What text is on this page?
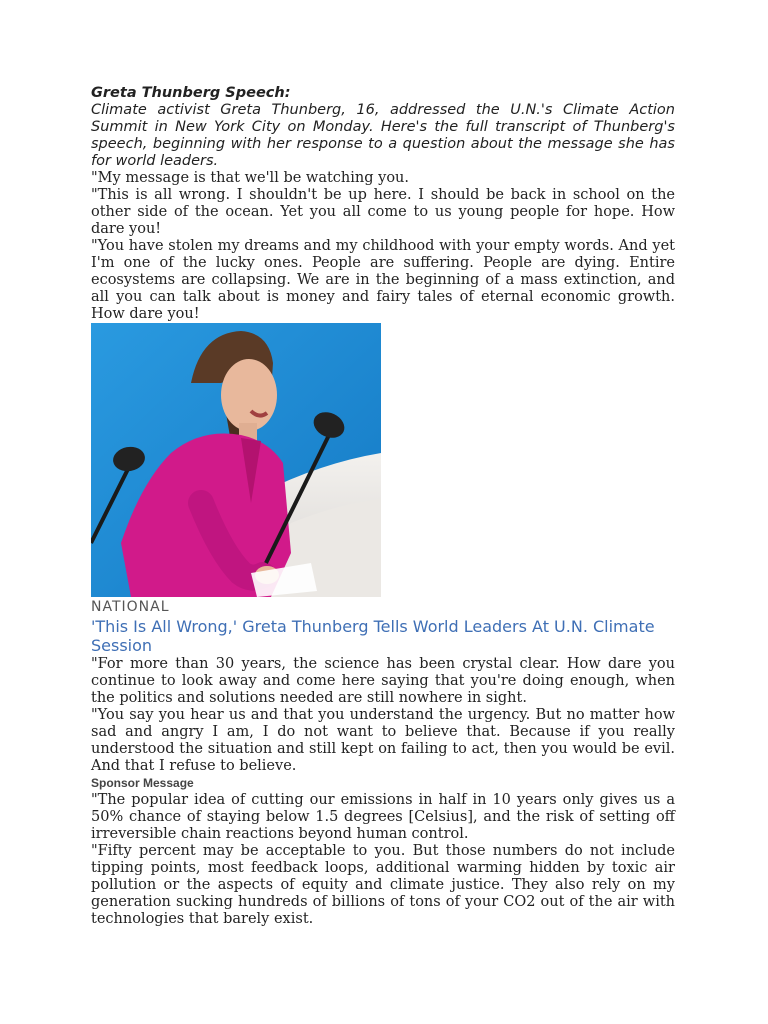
Greta Thunberg Speech:

Climate activist Greta Thunberg, 16, addressed the U.N.'s Climate Action Summit in New York City on Monday. Here's the full transcript of Thunberg's speech, beginning with her response to a question about the message she has for world leaders.

"My message is that we'll be watching you.

"This is all wrong. I shouldn't be up here. I should be back in school on the other side of the ocean. Yet you all come to us young people for hope. How dare you!

"You have stolen my dreams and my childhood with your empty words. And yet I'm one of the lucky ones. People are suffering. People are dying. Entire ecosystems are collapsing. We are in the beginning of a mass extinction, and all you can talk about is money and fairy tales of eternal economic growth. How dare you!

NATIONAL

'This Is All Wrong,' Greta Thunberg Tells World Leaders At U.N. Climate Session

"For more than 30 years, the science has been crystal clear. How dare you continue to look away and come here saying that you're doing enough, when the politics and solutions needed are still nowhere in sight.

"You say you hear us and that you understand the urgency. But no matter how sad and angry I am, I do not want to believe that. Because if you really understood the situation and still kept on failing to act, then you would be evil. And that I refuse to believe.

Sponsor Message

"The popular idea of cutting our emissions in half in 10 years only gives us a 50% chance of staying below 1.5 degrees [Celsius], and the risk of setting off irreversible chain reactions beyond human control.

"Fifty percent may be acceptable to you. But those numbers do not include tipping points, most feedback loops, additional warming hidden by toxic air pollution or the aspects of equity and climate justice. They also rely on my generation sucking hundreds of billions of tons of your CO2 out of the air with technologies that barely exist.
